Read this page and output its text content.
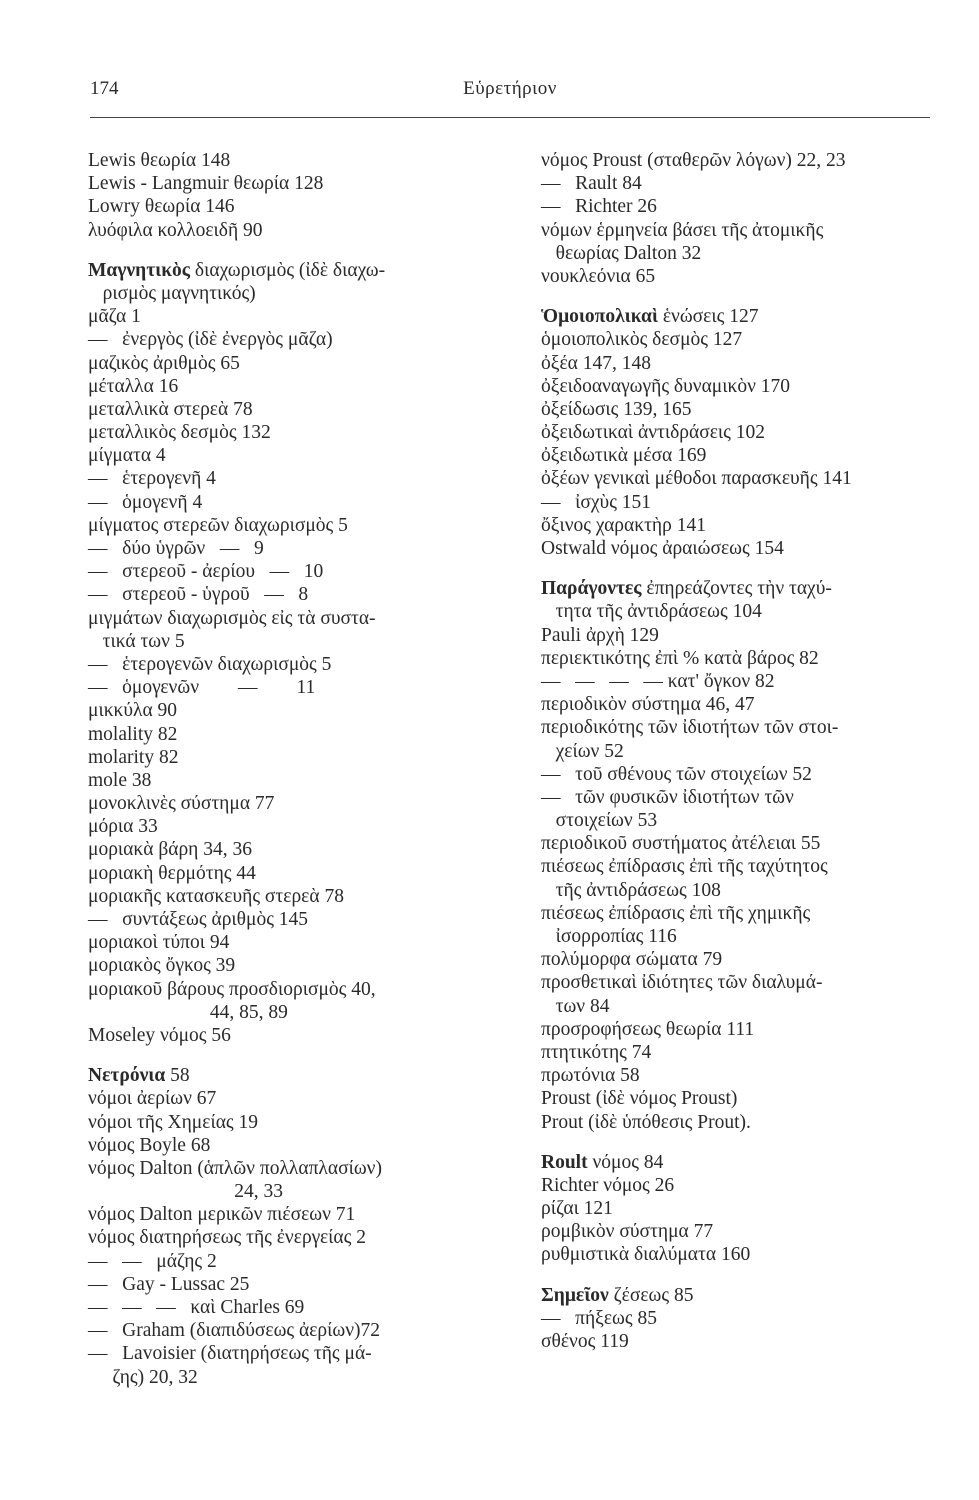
174	Εὑρετήριον
Lewis θεωρία 148
Lewis - Langmuir θεωρία 128
Lowry θεωρία 146
λυόφιλα κολλοειδῆ 90
Μαγνητικὸς διαχωρισμὸς (ἰδὲ διαχω-
ρισμὸς μαγνητικός)
μᾶζα 1
—   ἐνεργὸς (ἰδὲ ἐνεργὸς μᾶζα)
μαζικὸς ἀριθμὸς 65
μέταλλα 16
μεταλλικὰ στερεὰ 78
μεταλλικὸς δεσμὸς 132
μίγματα 4
—   ἑτερογενῆ 4
—   ὁμογενῆ 4
μίγματος στερεῶν διαχωρισμὸς 5
—   δύο ὑγρῶν   —   9
—   στερεοῦ - ἀερίου   —   10
—   στερεοῦ - ὑγροῦ   —   8
μιγμάτων διαχωρισμὸς εἰς τὰ συστα-
τικά των 5
—   ἑτερογενῶν διαχωρισμὸς 5
—   ὁμογενῶν        —        11
μικκύλα 90
molality 82
molarity 82
mole 38
μονοκλινὲς σύστημα 77
μόρια 33
μοριακὰ βάρη 34, 36
μοριακὴ θερμότης 44
μοριακῆς κατασκευῆς στερεὰ 78
—   συντάξεως ἀριθμὸς 145
μοριακοὶ τύποι 94
μοριακὸς ὄγκος 39
μοριακοῦ βάρους προσδιορισμὸς 40,
44, 85, 89
Moseley νόμος 56
Νετρόνια 58
νόμοι ἀερίων 67
νόμοι τῆς Χημείας 19
νόμος Boyle 68
νόμος Dalton (ἁπλῶν πολλαπλασίων)
24, 33
νόμος Dalton μερικῶν πιέσεων 71
νόμος διατηρήσεως τῆς ἐνεργείας 2
—   —   μάζης 2
—   Gay - Lussac 25
—   —   —   καὶ Charles 69
—   Graham (διαπιδύσεως ἀερίων)72
—   Lavoisier (διατηρήσεως τῆς μά-
ζης) 20, 32
νόμος Proust (σταθερῶν λόγων) 22, 23
—   Rault 84
—   Richter 26
νόμων ἑρμηνεία βάσει τῆς ἀτομικῆς
θεωρίας Dalton 32
νουκλεόνια 65
Ὁμοιοπολικαὶ ἑνώσεις 127
ὁμοιοπολικὸς δεσμὸς 127
ὀξέα 147, 148
ὀξειδοαναγωγῆς δυναμικὸν 170
ὀξείδωσις 139, 165
ὀξειδωτικαὶ ἀντιδράσεις 102
ὀξειδωτικὰ μέσα 169
ὀξέων γενικαὶ μέθοδοι παρασκευῆς 141
—   ἰσχὺς 151
ὄξινος χαρακτὴρ 141
Ostwald νόμος ἀραιώσεως 154
Παράγοντες ἐπηρεάζοντες τὴν ταχύ-
τητα τῆς ἀντιδράσεως 104
Pauli ἀρχὴ 129
περιεκτικότης ἐπὶ % κατὰ βάρος 82
—   —   —   — κατ' ὄγκον 82
περιοδικὸν σύστημα 46, 47
περιοδικότης τῶν ἰδιοτήτων τῶν στοι-
χείων 52
—   τοῦ σθένους τῶν στοιχείων 52
—   τῶν φυσικῶν ἰδιοτήτων τῶν
στοιχείων 53
περιοδικοῦ συστήματος ἀτέλειαι 55
πιέσεως ἐπίδρασις ἐπὶ τῆς ταχύτητος
τῆς ἀντιδράσεως 108
πιέσεως ἐπίδρασις ἐπὶ τῆς χημικῆς
ἰσορροπίας 116
πολύμορφα σώματα 79
προσθετικαὶ ἰδιότητες τῶν διαλυμά-
των 84
προσροφήσεως θεωρία 111
πτητικότης 74
πρωτόνια 58
Proust (ἰδὲ νόμος Proust)
Prout (ἰδὲ ὑπόθεσις Prout).
Roult νόμος 84
Richter νόμος 26
ρίζαι 121
ρομβικὸν σύστημα 77
ρυθμιστικὰ διαλύματα 160
Σημεῖον ζέσεως 85
—   πήξεως 85
σθένος 119
